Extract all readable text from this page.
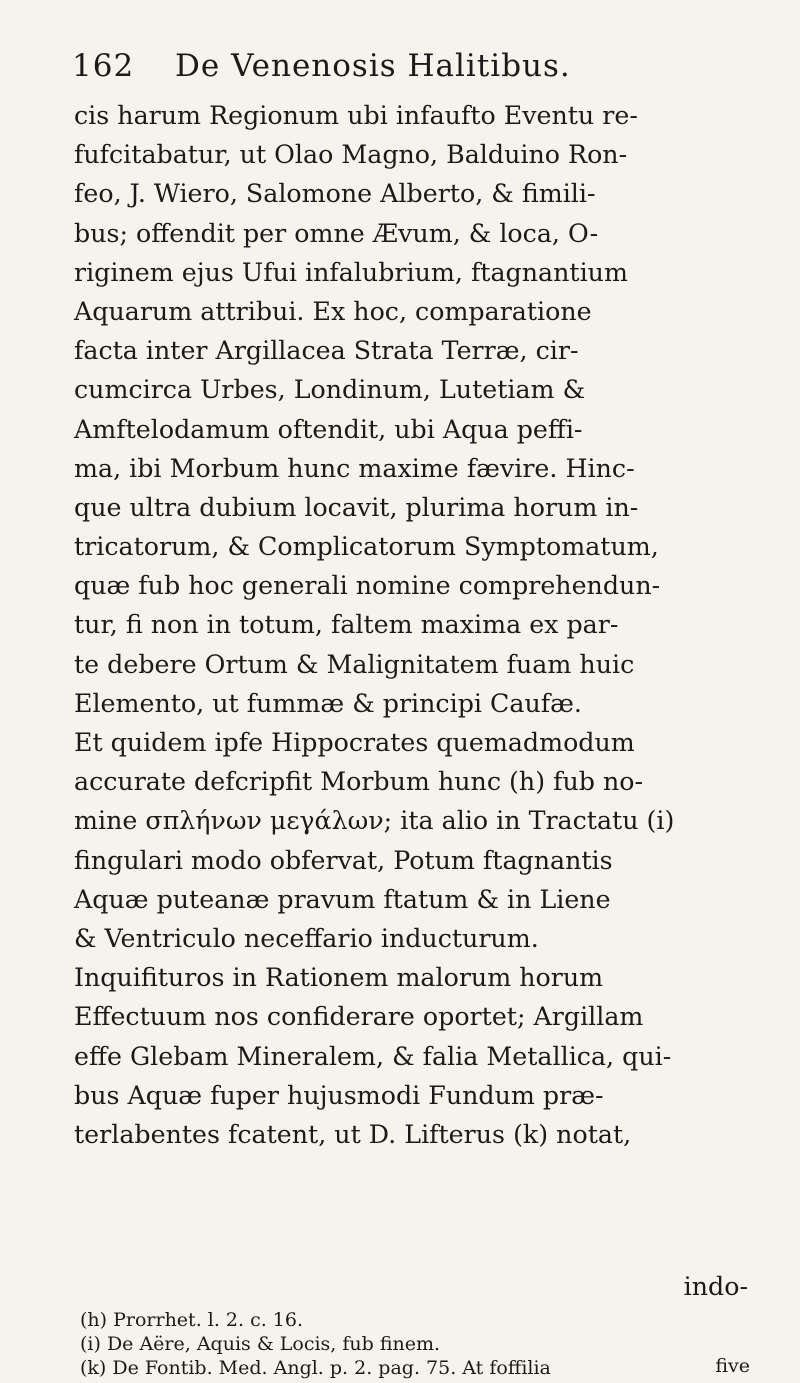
162 De Venenosis Halitibus.
cis harum Regionum ubi infaufto Eventu re-
fufcitabatur, ut Olao Magno, Balduino Ron-
feo, J. Wiero, Salomone Alberto, & fimili-
bus; offendit per omne Ævum, & loca, O-
riginem ejus Ufui infalubrium, ftagnantium
Aquarum attribui. Ex hoc, comparatione
facta inter Argillacea Strata Terræ, cir-
cumcirca Urbes, Londinum, Lutetiam &
Amftelodamum oftendit, ubi Aqua peffi-
ma, ibi Morbum hunc maxime fævire. Hinc-
que ultra dubium locavit, plurima horum in-
tricatorum, & Complicatorum Symptomatum,
quæ fub hoc generali nomine comprehendun-
tur, fi non in totum, faltem maxima ex par-
te debere Ortum & Malignitatem fuam huic
Elemento, ut fummæ & principi Caufæ.
Et quidem ipfe Hippocrates quemadmodum
accurate defcripfit Morbum hunc (h) fub no-
mine σπλήνων μεγάλων; ita alio in Tractatu (i)
fingulari modo obfervat, Potum ftagnantis
Aquæ puteanæ pravum ftatum & in Liene
& Ventriculo neceffario inducturum.
Inquifituros in Rationem malorum horum
Effectuum nos confiderare oportet; Argillam
effe Glebam Mineralem, & falia Metallica, qui-
bus Aquæ fuper hujusmodi Fundum præ-
terlabentes fcatent, ut D. Lifterus (k) notat,
indo-
(h) Prorrhet. l. 2. c. 16.
(i) De Aëre, Aquis & Locis, fub finem.
(k) De Fontib. Med. Angl. p. 2. pag. 75. At foffilia	five
